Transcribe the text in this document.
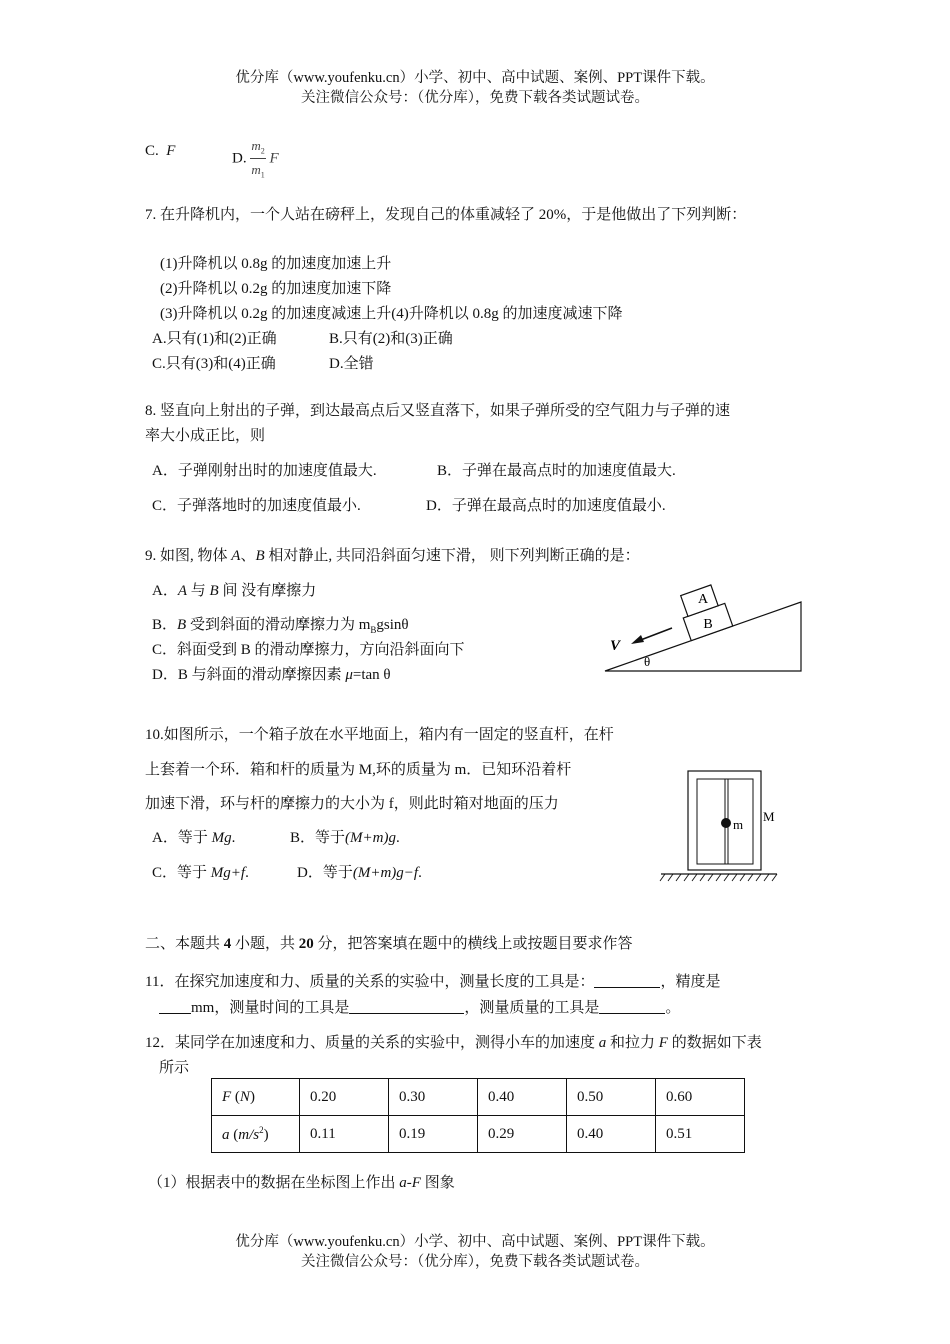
优分库（www.youfenku.cn）小学、初中、高中试题、案例、PPT课件下载。
关注微信公众号：（优分库），免费下载各类试题试卷。
C. F	D. $\frac{m_2}{m_1}$ F
7. 在升降机内，一个人站在磅秤上，发现自己的体重减轻了 20%，于是他做出了下列判断：
(1)升降机以 0.8g 的加速度加速上升
(2)升降机以 0.2g 的加速度加速下降
(3)升降机以 0.2g 的加速度减速上升(4)升降机以 0.8g 的加速度减速下降
A.只有(1)和(2)正确	B.只有(2)和(3)正确
C.只有(3)和(4)正确	D.全错
8. 竖直向上射出的子弹，到达最高点后又竖直落下，如果子弹所受的空气阻力与子弹的速
率大小成正比，则
A．子弹刚射出时的加速度值最大.	B．子弹在最高点时的加速度值最大.
C．子弹落地时的加速度值最小.	D．子弹在最高点时的加速度值最小.
9. 如图, 物体 A、B 相对静止, 共同沿斜面匀速下滑， 则下列判断正确的是：
A．A 与 B 间 没有摩擦力
B．B 受到斜面的滑动摩擦力为 $m_Bgsin\theta$
C．斜面受到 B 的滑动摩擦力，方向沿斜面向下
D．B 与斜面的滑动摩擦因素 μ=tan θ
A
B
V
θ
10.如图所示，一个箱子放在水平地面上，箱内有一固定的竖直杆，在杆
上套着一个环．箱和杆的质量为 M,环的质量为 m．已知环沿着杆
加速下滑，环与杆的摩擦力的大小为 f，则此时箱对地面的压力
A．等于 Mg.	B．等于(M+m)g.
C．等于 Mg+f.	D．等于(M+m)g−f.
m
M
二、本题共 4 小题，共 20 分，把答案填在题中的横线上或按题目要求作答
11．在探究加速度和力、质量的关系的实验中，测量长度的工具是：	，精度是
mm，测量时间的工具是	，测量质量的工具是	。
12．某同学在加速度和力、质量的关系的实验中，测得小车的加速度 a 和拉力 F 的数据如下表
所示
F (N)	0.20	0.30	0.40	0.50	0.60
a $(m/s^2)$	0.11	0.19	0.29	0.40	0.51
（1）根据表中的数据在坐标图上作出 a-F 图象
优分库（www.youfenku.cn）小学、初中、高中试题、案例、PPT课件下载。
关注微信公众号：（优分库），免费下载各类试题试卷。
